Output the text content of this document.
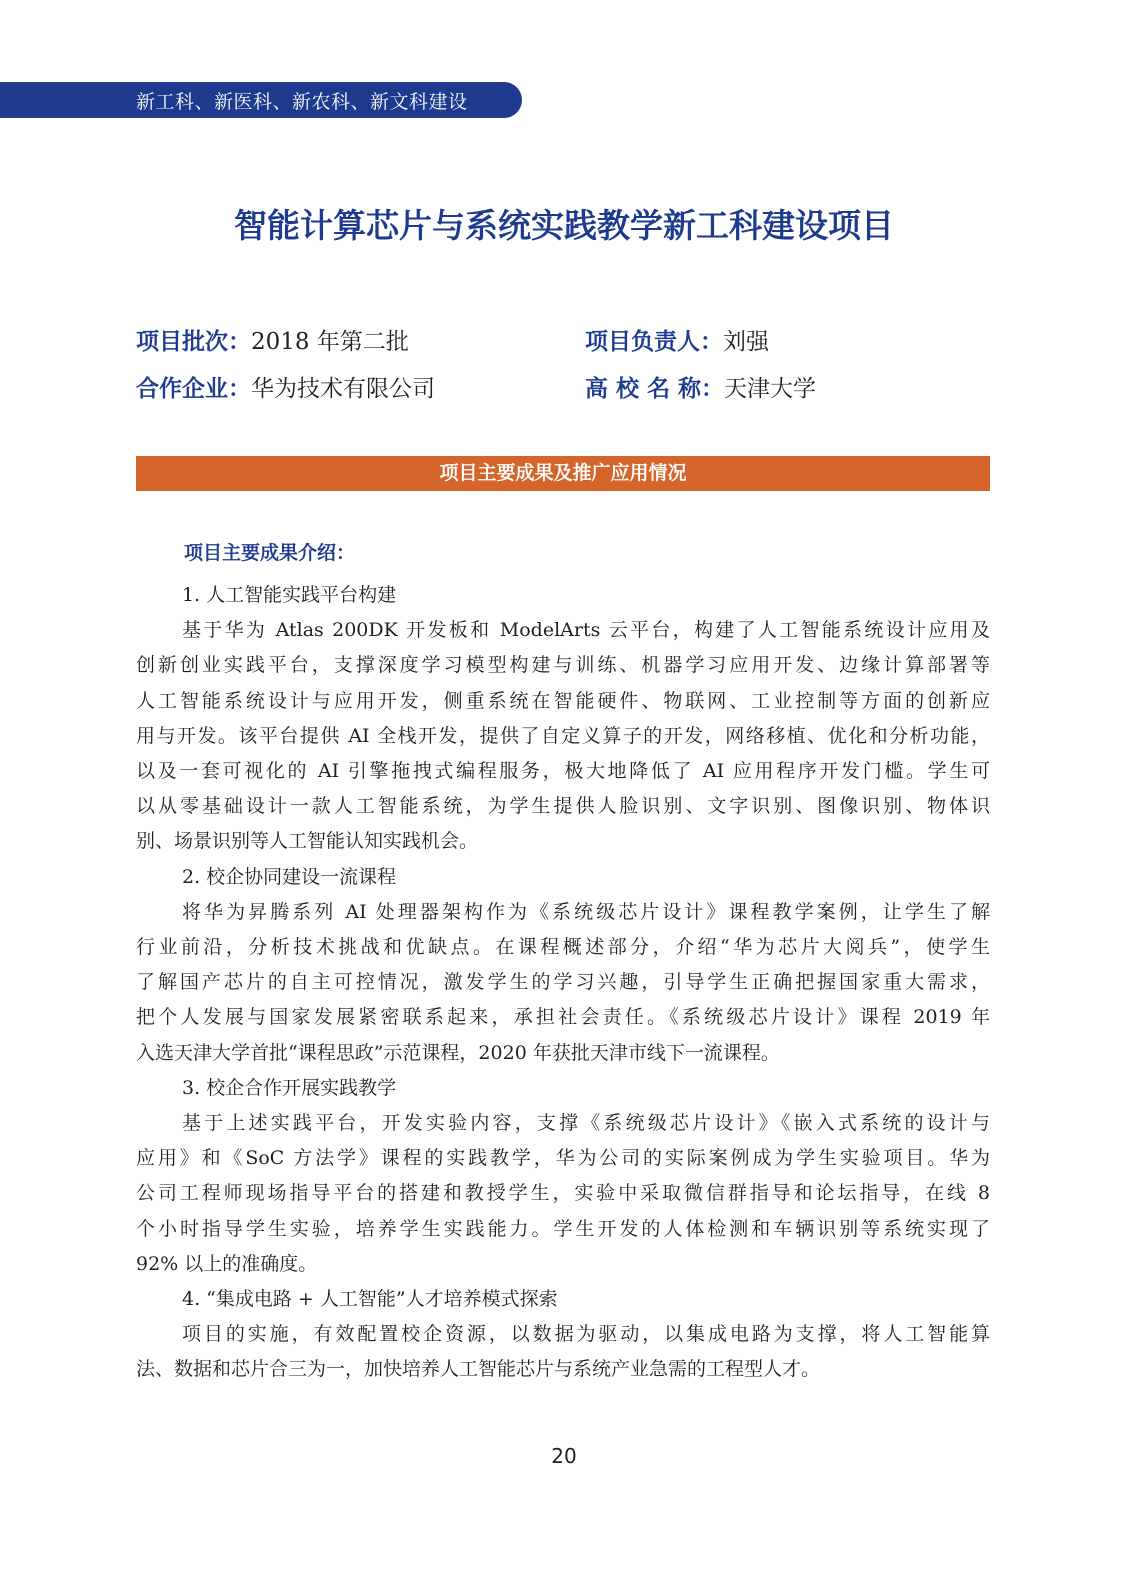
新工科、新医科、新农科、新文科建设
智能计算芯片与系统实践教学新工科建设项目
项目批次：2018 年第二批	项目负责人：刘强
合作企业：华为技术有限公司	高 校 名 称：天津大学
项目主要成果及推广应用情况
项目主要成果介绍：

1. 人工智能实践平台构建

基于华为 Atlas 200DK 开发板和 ModelArts 云平台，构建了人工智能系统设计应用及

创新创业实践平台，支撑深度学习模型构建与训练、机器学习应用开发、边缘计算部署等

人工智能系统设计与应用开发，侧重系统在智能硬件、物联网、工业控制等方面的创新应

用与开发。该平台提供 AI 全栈开发，提供了自定义算子的开发，网络移植、优化和分析功能，

以及一套可视化的 AI 引擎拖拽式编程服务，极大地降低了 AI 应用程序开发门槛。学生可

以从零基础设计一款人工智能系统，为学生提供人脸识别、文字识别、图像识别、物体识

别、场景识别等人工智能认知实践机会。

2. 校企协同建设一流课程

将华为昇腾系列 AI 处理器架构作为《系统级芯片设计》课程教学案例，让学生了解

行业前沿，分析技术挑战和优缺点。在课程概述部分，介绍“华为芯片大阅兵”，使学生

了解国产芯片的自主可控情况，激发学生的学习兴趣，引导学生正确把握国家重大需求，

把个人发展与国家发展紧密联系起来，承担社会责任。《系统级芯片设计》课程 2019 年

入选天津大学首批“课程思政”示范课程，2020 年获批天津市线下一流课程。

3. 校企合作开展实践教学

基于上述实践平台，开发实验内容，支撑《系统级芯片设计》《嵌入式系统的设计与

应用》和《SoC 方法学》课程的实践教学，华为公司的实际案例成为学生实验项目。华为

公司工程师现场指导平台的搭建和教授学生，实验中采取微信群指导和论坛指导，在线 8

个小时指导学生实验，培养学生实践能力。学生开发的人体检测和车辆识别等系统实现了

92% 以上的准确度。

4. “集成电路 + 人工智能”人才培养模式探索

项目的实施，有效配置校企资源，以数据为驱动，以集成电路为支撑，将人工智能算

法、数据和芯片合三为一，加快培养人工智能芯片与系统产业急需的工程型人才。

20
